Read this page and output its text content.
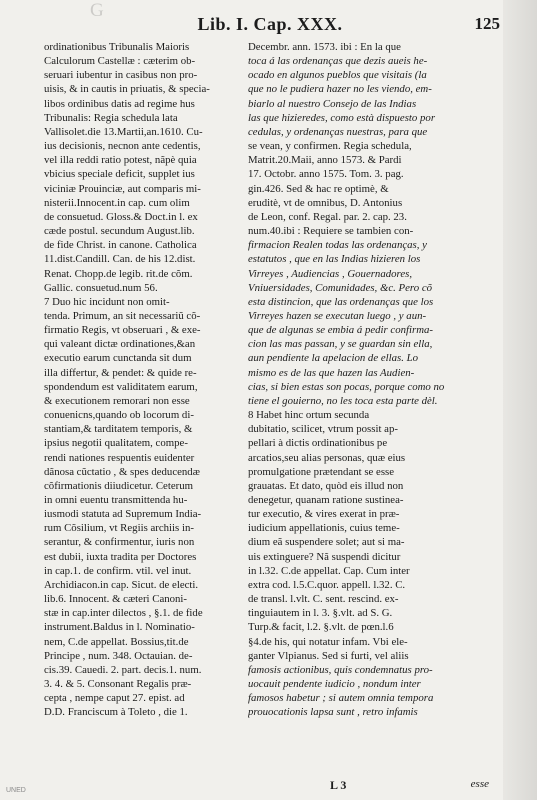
G
Lib. I. Cap. XXX.	125
ordinationibus Tribunalis Maioris
Calculorum Castellæ : cæterim ob-
seruari iubentur in casibus non pro-
uisis, & in cautis in priuatis, & specia-
libos ordinibus datis ad regime hus
Tribunalis: Regia schedula lata
Vallisolet.die 13.Martii,an.1610. Cu-
ius decisionis, necnon ante cedentis,
vel illa reddi ratio potest, nãpè quia
vbicius speciale deficit, supplet ius
viciniæ Prouinciæ, aut comparis mi-
nisterii.Innocent.in cap. cum olim
de consuetud. Gloss.& Doct.in l. ex
cæde postul. secundum August.lib.
de fide Christ. in canone. Catholica
11.dist.Candill. Can. de his 12.dist.
Renat. Chopp.de legib. rit.de cõm.
Gallic. consuetud.num 56.
7 Duo hic incidunt non omit-
tenda. Primum, an sit necessariũ cõ-
firmatio Regis, vt obseruari , & exe-
qui valeant dictæ ordinationes,&an
executio earum cunctanda sit dum
illa differtur, & pendet: & quide re-
spondendum est validitatem earum,
& executionem remorari non esse
conuenicns,quando ob locorum di-
stantiam,& tarditatem temporis, &
ipsius negotii qualitatem, compe-
rendi nationes respuentis euidenter
dãnosa cũctatio , & spes deducendæ
cõfirmationis diiudicetur. Ceterum
in omni euentu transmittenda hu-
iusmodi statuta ad Supremum India-
rum Cõsilium, vt Regiis archiis in-
serantur, & confirmentur, iuris non
est dubii, iuxta tradita per Doctores
in cap.1. de confirm. vtil. vel inut.
Archidiacon.in cap. Sicut. de electi.
lib.6. Innocent. & cæteri Canoni-
stæ in cap.inter dilectos , §.1. de fide
instrument.Baldus in l. Nominatio-
nem, C.de appellat. Bossius,tit.de
Principe , num. 348. Octauian. de-
cis.39. Cauedi. 2. part. decis.1. num.
3. 4. & 5. Consonant Regalis præ-
cepta , nempe caput 27. epist. ad
D.D. Franciscum à Toleto , die 1.
Decembr. ann. 1573. ibi : En la que
toca á las ordenanças que dezis aueis he-
ocado en algunos pueblos que visitais (la
que no le pudiera hazer no les viendo, em-
biarlo al nuestro Consejo de las Indias
las que hizieredes, como està dispuesto por
cedulas, y ordenanças nuestras, para que
se vean, y confirmen. Regia schedula,
Matrit.20.Maii, anno 1573. & Pardi
17. Octobr. anno 1575. Tom. 3. pag.
gin.426. Sed & hac re optimè, &
eruditè, vt de omnibus, D. Antonius
de Leon, conf. Regal. par. 2. cap. 23.
num.40.ibi : Requiere se tambien con-
firmacion Realen todas las ordenanças, y
estatutos , que en las Indias hizieren los
Virreyes , Audiencias , Gouernadores,
Vniuersidades, Comunidades, &c. Pero cõ
esta distincion, que las ordenanças que los
Virreyes hazen se executan luego , y aun-
que de algunas se embia á pedir confirma-
cion las mas passan, y se guardan sin ella,
aun pendiente la apelacion de ellas. Lo
mismo es de las que hazen las Audien-
cias, si bien estas son pocas, porque como no
tiene el gouierno, no les toca esta parte dèl.
8 Habet hinc ortum secunda
dubitatio, scilicet, vtrum possit ap-
pellari à dictis ordinationibus pe
arcatios,seu alias personas, quæ eius
promulgatione prætendant se esse
grauatas. Et dato, quòd eis illud non
denegetur, quanam ratione sustinea-
tur executio, & vires exerat in præ-
iudicium appellationis, cuius teme-
dium eã suspendere solet; aut si ma-
uis extinguere? Nã suspendi dicitur
in l.32. C.de appellat. Cap. Cum inter
extra cod. l.5.C.quor. appell. l.32. C.
de transl. l.vlt. C. sent. rescind. ex-
tinguiautem in l. 3. §.vlt. ad S. G.
Turp.& facit, l.2. §.vlt. de pœn.l.6
§4.de his, qui notatur infam. Vbi ele-
ganter Vlpianus. Sed si furti, vel aliis
famosis actionibus, quis condemnatus pro-
uocauit pendente iudicio , nondum inter
famosos habetur ; si autem omnia tempora
prouocationis lapsa sunt , retro infamis
L 3	esse
UNED
